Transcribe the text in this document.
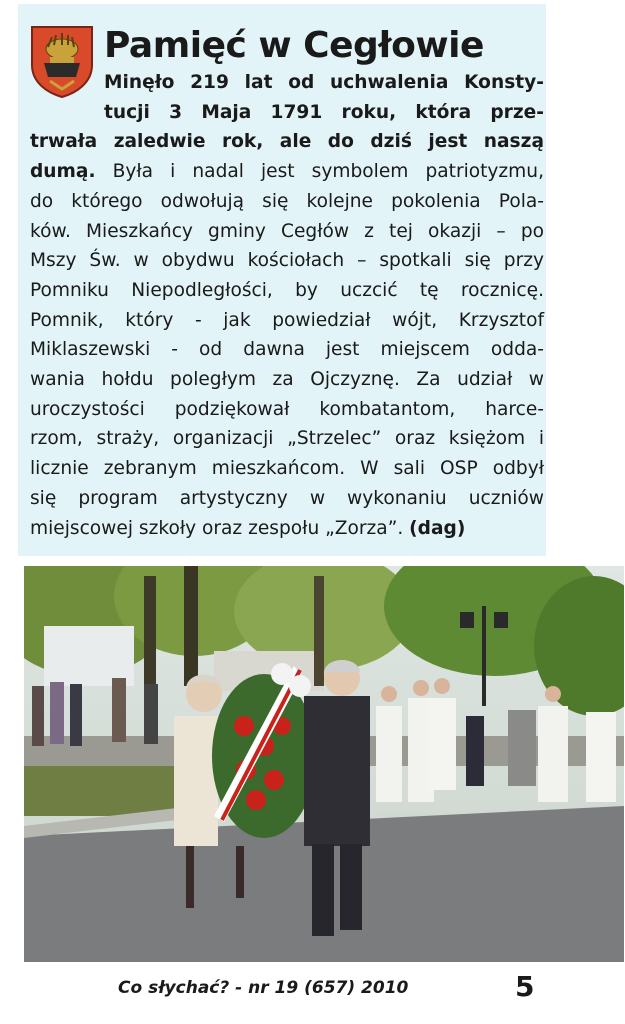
Pamięć w Cegłowie
Minęło 219 lat od uchwalenia Konsty-
tucji 3 Maja 1791 roku, która prze-
trwała zaledwie rok, ale do dziś jest naszą
dumą. Była i nadal jest symbolem patriotyzmu,
do którego odwołują się kolejne pokolenia Pola-
ków. Mieszkańcy gminy Cegłów z tej okazji – po
Mszy Św. w obydwu kościołach – spotkali się przy
Pomniku Niepodległości, by uczcić tę rocznicę.
Pomnik, który - jak powiedział wójt, Krzysztof
Miklaszewski - od dawna jest miejscem odda-
wania hołdu poległym za Ojczyznę. Za udział w
uroczystości podziękował kombatantom, harce-
rzom, straży, organizacji „Strzelec” oraz księżom i
licznie zebranym mieszkańcom. W sali OSP odbył
się program artystyczny w wykonaniu uczniów
miejscowej szkoły oraz zespołu „Zorza”. (dag)
Co słychać? - nr 19 (657) 2010	5
